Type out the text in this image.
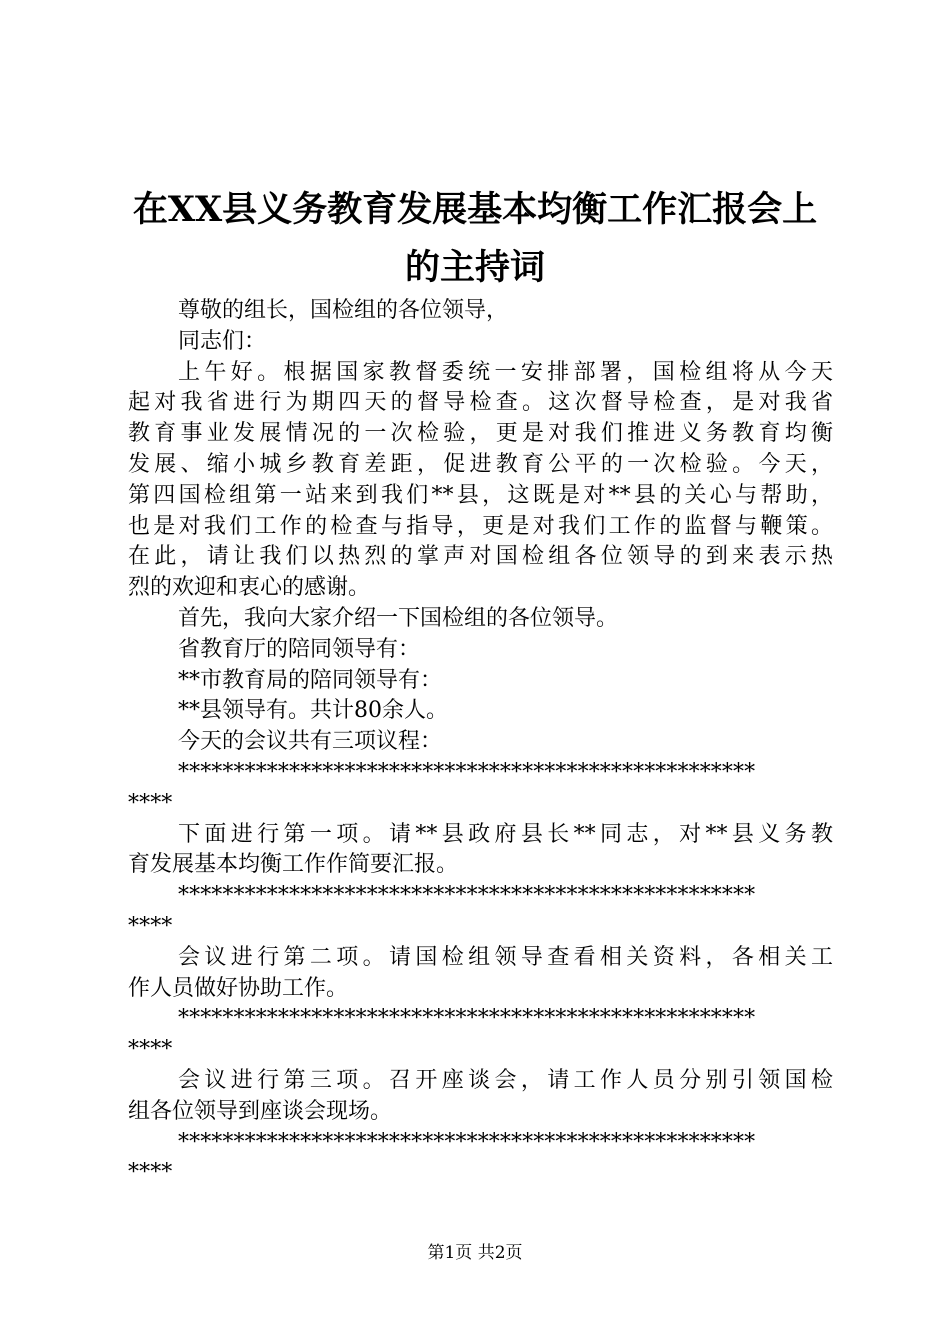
在XX县义务教育发展基本均衡工作汇报会上
的主持词
尊敬的组长，国检组的各位领导，
同志们：
上午好。根据国家教督委统一安排部署，国检组将从今天
起对我省进行为期四天的督导检查。这次督导检查，是对我省
教育事业发展情况的一次检验，更是对我们推进义务教育均衡
发展、缩小城乡教育差距，促进教育公平的一次检验。今天，
第四国检组第一站来到我们**县，这既是对**县的关心与帮助，
也是对我们工作的检查与指导，更是对我们工作的监督与鞭策。
在此，请让我们以热烈的掌声对国检组各位领导的到来表示热
烈的欢迎和衷心的感谢。
首先，我向大家介绍一下国检组的各位领导。
省教育厅的陪同领导有：
**市教育局的陪同领导有：
**县领导有。共计80余人。
今天的会议共有三项议程：
****************************************************
****
下面进行第一项。请**县政府县长**同志，对**县义务教
育发展基本均衡工作作简要汇报。
****************************************************
****
会议进行第二项。请国检组领导查看相关资料，各相关工
作人员做好协助工作。
****************************************************
****
会议进行第三项。召开座谈会，请工作人员分别引领国检
组各位领导到座谈会现场。
****************************************************
****
第1页 共2页
